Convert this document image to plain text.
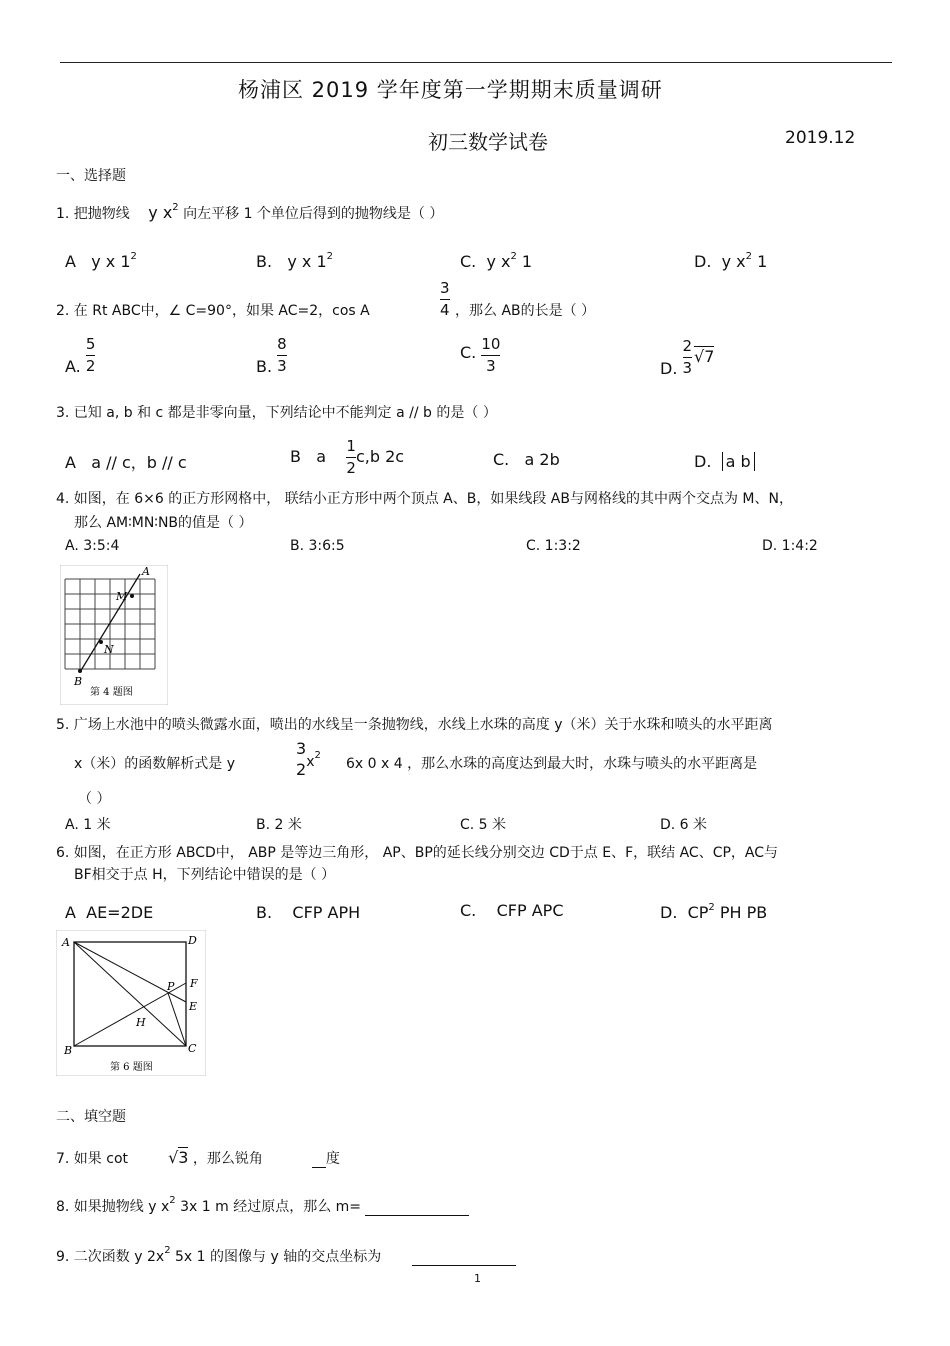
杨浦区 2019 学年度第一学期期末质量调研
初三数学试卷	2019.12
一、选择题
1. 把抛物线 y $x^2$ 向左平移 1 个单位后得到的抛物线是（ ）
A y x $1^2$	B. y x $1^2$	C. y $x^2$ 1	D. y $x^2$ 1
2. 在 Rt ABC中，∠ C=90°，如果 AC=2，cos A	$\frac{3}{4}$ ，那么 AB的长是（ ）
A. $\frac{5}{2}$	B. $\frac{8}{3}$	C. $\frac{10}{3}$	D. $\frac{2}{3} √7$
3. 已知 a, b 和 c 都是非零向量，下列结论中不能判定 a // b 的是（ ）
A a // c，b // c	B a $\frac{1}{2} c,b$ 2c	C. a 2b	D. a b
4. 如图，在 6×6 的正方形网格中， 联结小正方形中两个顶点 A、B，如果线段 AB与网格线的其中两个交点为 M、N，
那么 AM∶MN∶NB的值是（ ）
A. 3:5:4	B. 3:6:5	C. 1:3:2	D. 1:4:2
A
M
N
B
第 4 题图
5. 广场上水池中的喷头微露水面，喷出的水线呈一条抛物线，水线上水珠的高度 y（米）关于水珠和喷头的水平距离
x（米）的函数解析式是 y
3
2 $x^2$
6x 0 x 4 ，那么水珠的高度达到最大时，水珠与喷头的水平距离是
（ ）
A. 1 米	B. 2 米	C. 5 米	D. 6 米
6. 如图，在正方形 ABCD中， ABP 是等边三角形， AP、BP的延长线分别交边 CD于点 E、F，联结 AC、CP，AC与
BF相交于点 H，下列结论中错误的是（ ）
A AE=2DE	B. CFP APH	C. CFP APC	D. $CP^2$ PH PB
A	D
F
P
E
H
B	C
第 6 题图
二、填空题
7. 如果 cot	√3 ，那么锐角	度
8. 如果抛物线 y $x^2$ 3x 1 m 经过原点，那么 m=
9. 二次函数 y $2x^2$ 5x 1 的图像与 y 轴的交点坐标为
1
